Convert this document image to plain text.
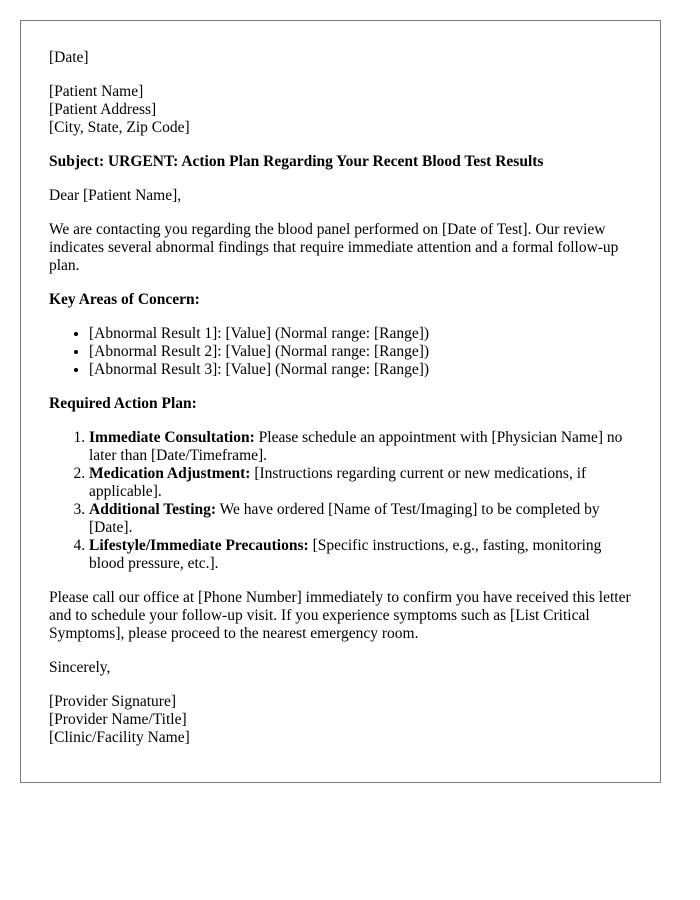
[Date]

[Patient Name]
[Patient Address]
[City, State, Zip Code]

Subject: URGENT: Action Plan Regarding Your Recent Blood Test Results

Dear [Patient Name],

We are contacting you regarding the blood panel performed on [Date of Test]. Our review indicates several abnormal findings that require immediate attention and a formal follow-up plan.

Key Areas of Concern:

• [Abnormal Result 1]: [Value] (Normal range: [Range])
• [Abnormal Result 2]: [Value] (Normal range: [Range])
• [Abnormal Result 3]: [Value] (Normal range: [Range])

Required Action Plan:

1. Immediate Consultation: Please schedule an appointment with [Physician Name] no later than [Date/Timeframe].
2. Medication Adjustment: [Instructions regarding current or new medications, if applicable].
3. Additional Testing: We have ordered [Name of Test/Imaging] to be completed by [Date].
4. Lifestyle/Immediate Precautions: [Specific instructions, e.g., fasting, monitoring blood pressure, etc.].

Please call our office at [Phone Number] immediately to confirm you have received this letter and to schedule your follow-up visit. If you experience symptoms such as [List Critical Symptoms], please proceed to the nearest emergency room.

Sincerely,

[Provider Signature]
[Provider Name/Title]
[Clinic/Facility Name]
